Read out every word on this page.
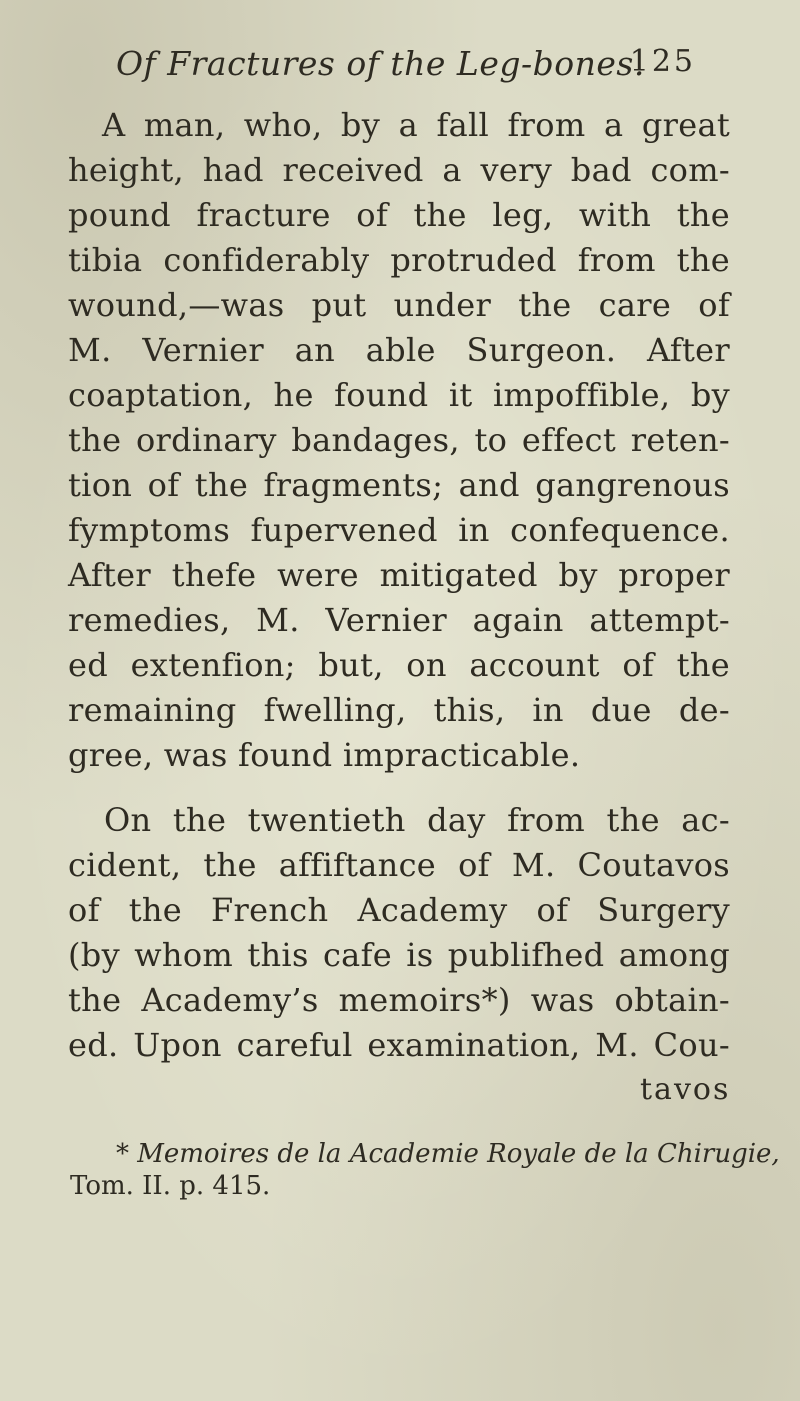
Of Fractures of the Leg-bones.
125
A man, who, by a fall from a great
height, had received a very bad com-
pound fracture of the leg, with the
tibia confiderably protruded from the
wound,—was put under the care of
M. Vernier an able Surgeon. After
coaptation, he found it impoffible, by
the ordinary bandages, to effect reten-
tion of the fragments; and gangrenous
fymptoms fupervened in confequence.
After thefe were mitigated by proper
remedies, M. Vernier again attempt-
ed extenfion; but, on account of the
remaining fwelling, this, in due de-
gree, was found impracticable.
On the twentieth day from the ac-
cident, the affiftance of M. Coutavos
of the French Academy of Surgery
(by whom this cafe is publifhed among
the Academy’s memoirs*) was obtain-
ed. Upon careful examination, M. Cou-
tavos
* Memoires de la Academie Royale de la Chirugie,
Tom. II. p. 415.
